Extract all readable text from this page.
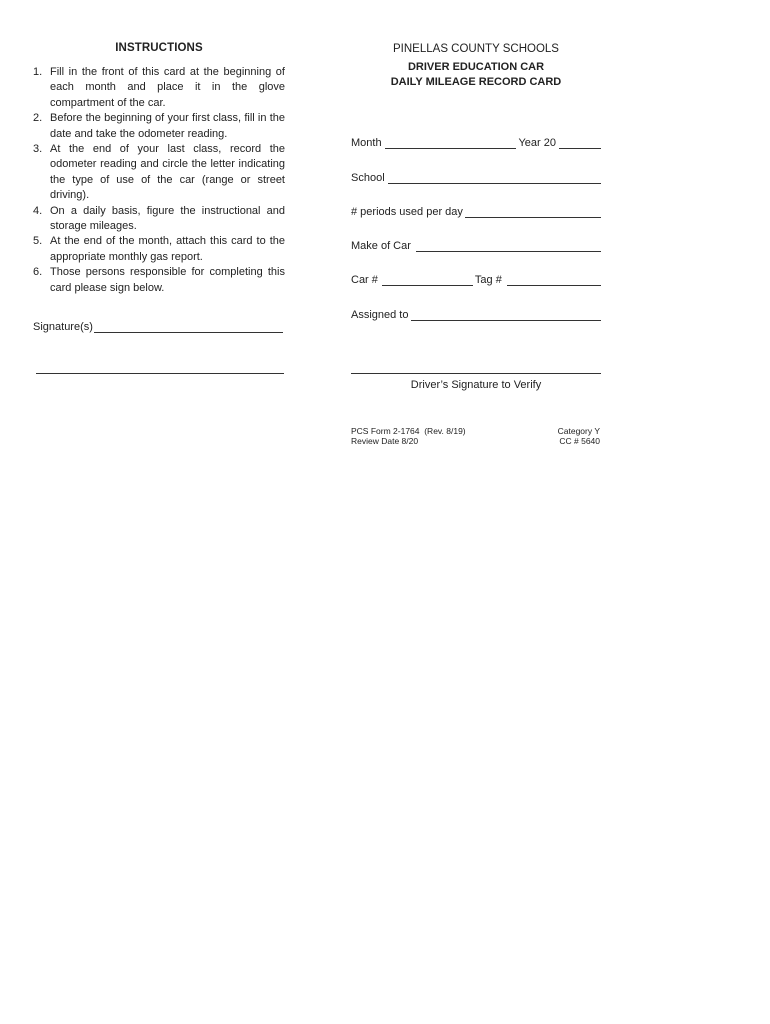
INSTRUCTIONS
1. Fill in the front of this card at the beginning of each month and place it in the glove compartment of the car.
2. Before the beginning of your first class, fill in the date and take the odometer reading.
3. At the end of your last class, record the odometer reading and circle the letter indicating the type of use of the car (range or street driving).
4. On a daily basis, figure the instructional and storage mileages.
5. At the end of the month, attach this card to the appropriate monthly gas report.
6. Those persons responsible for completing this card please sign below.
Signature(s)
PINELLAS COUNTY SCHOOLS
DRIVER EDUCATION CAR
DAILY MILEAGE RECORD CARD
Month	Year 20
School
# periods used per day
Make of Car
Car #	Tag #
Assigned to
Driver’s Signature to Verify
PCS Form 2-1764  (Rev. 8/19)
Review Date 8/20
Category Y
CC # 5640
